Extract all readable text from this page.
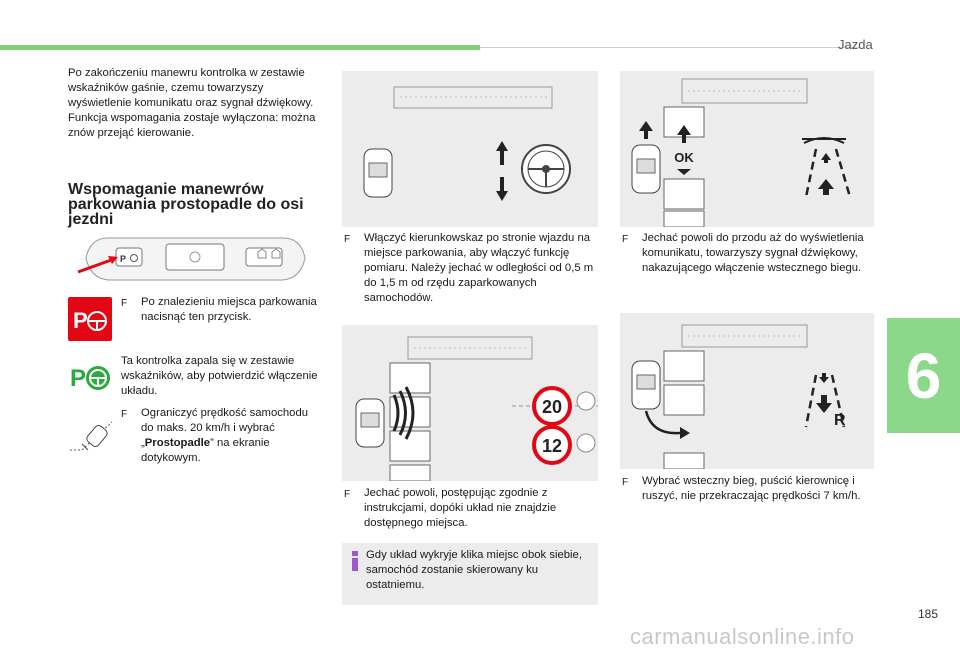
Jazda
6
185
carmanualsonline.info
Po zakończeniu manewru kontrolka w zestawie wskaźników gaśnie, czemu towarzyszy wyświetlenie komunikatu oraz sygnał dźwiękowy.
Funkcja wspomagania zostaje wyłączona: można znów przejąć kierowanie.
Wspomaganie manewrów parkowania prostopadle do osi jezdni
P
P
F	Po znalezieniu miejsca parkowania nacisnąć ten przycisk.
P
Ta kontrolka zapala się w zestawie wskaźników, aby potwierdzić włączenie układu.
F	Ograniczyć prędkość samochodu do maks. 20 km/h i wybrać „Prostopadle” na ekranie dotykowym.
F	Włączyć kierunkowskaz po stronie wjazdu na miejsce parkowania, aby włączyć funkcję pomiaru. Należy jechać w odległości od 0,5 m do 1,5 m od rzędu zaparkowanych samochodów.
20
12
F	Jechać powoli, postępując zgodnie z instrukcjami, dopóki układ nie znajdzie dostępnego miejsca.
Gdy układ wykryje klika miejsc obok siebie, samochód zostanie skierowany ku ostatniemu.
OK
F	Jechać powoli do przodu aż do wyświetlenia komunikatu, towarzyszy sygnał dźwiękowy, nakazującego włączenie wstecznego biegu.
R
F	Wybrać wsteczny bieg, puścić kierownicę i ruszyć, nie przekraczając prędkości 7 km/h.
